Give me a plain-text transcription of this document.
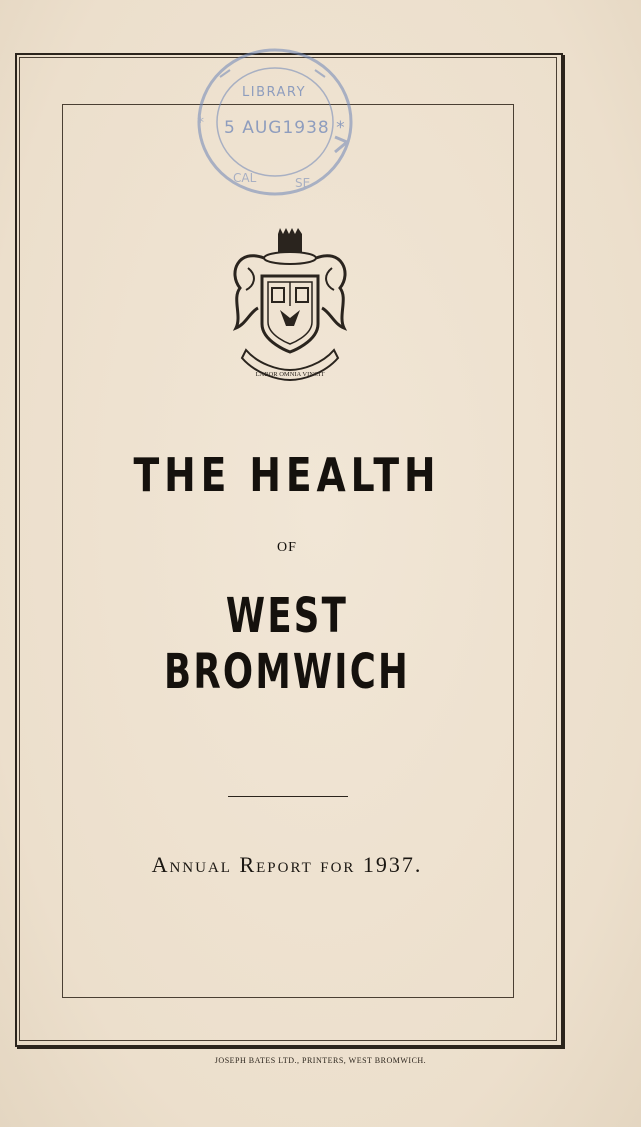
CAL	SE
*
LIBRARY
5 AUG1938 *
LABOR OMNIA VINCIT
THE HEALTH
OF
WEST BROMWICH
Annual Report for 1937.
JOSEPH BATES LTD., PRINTERS, WEST BROMWICH.
